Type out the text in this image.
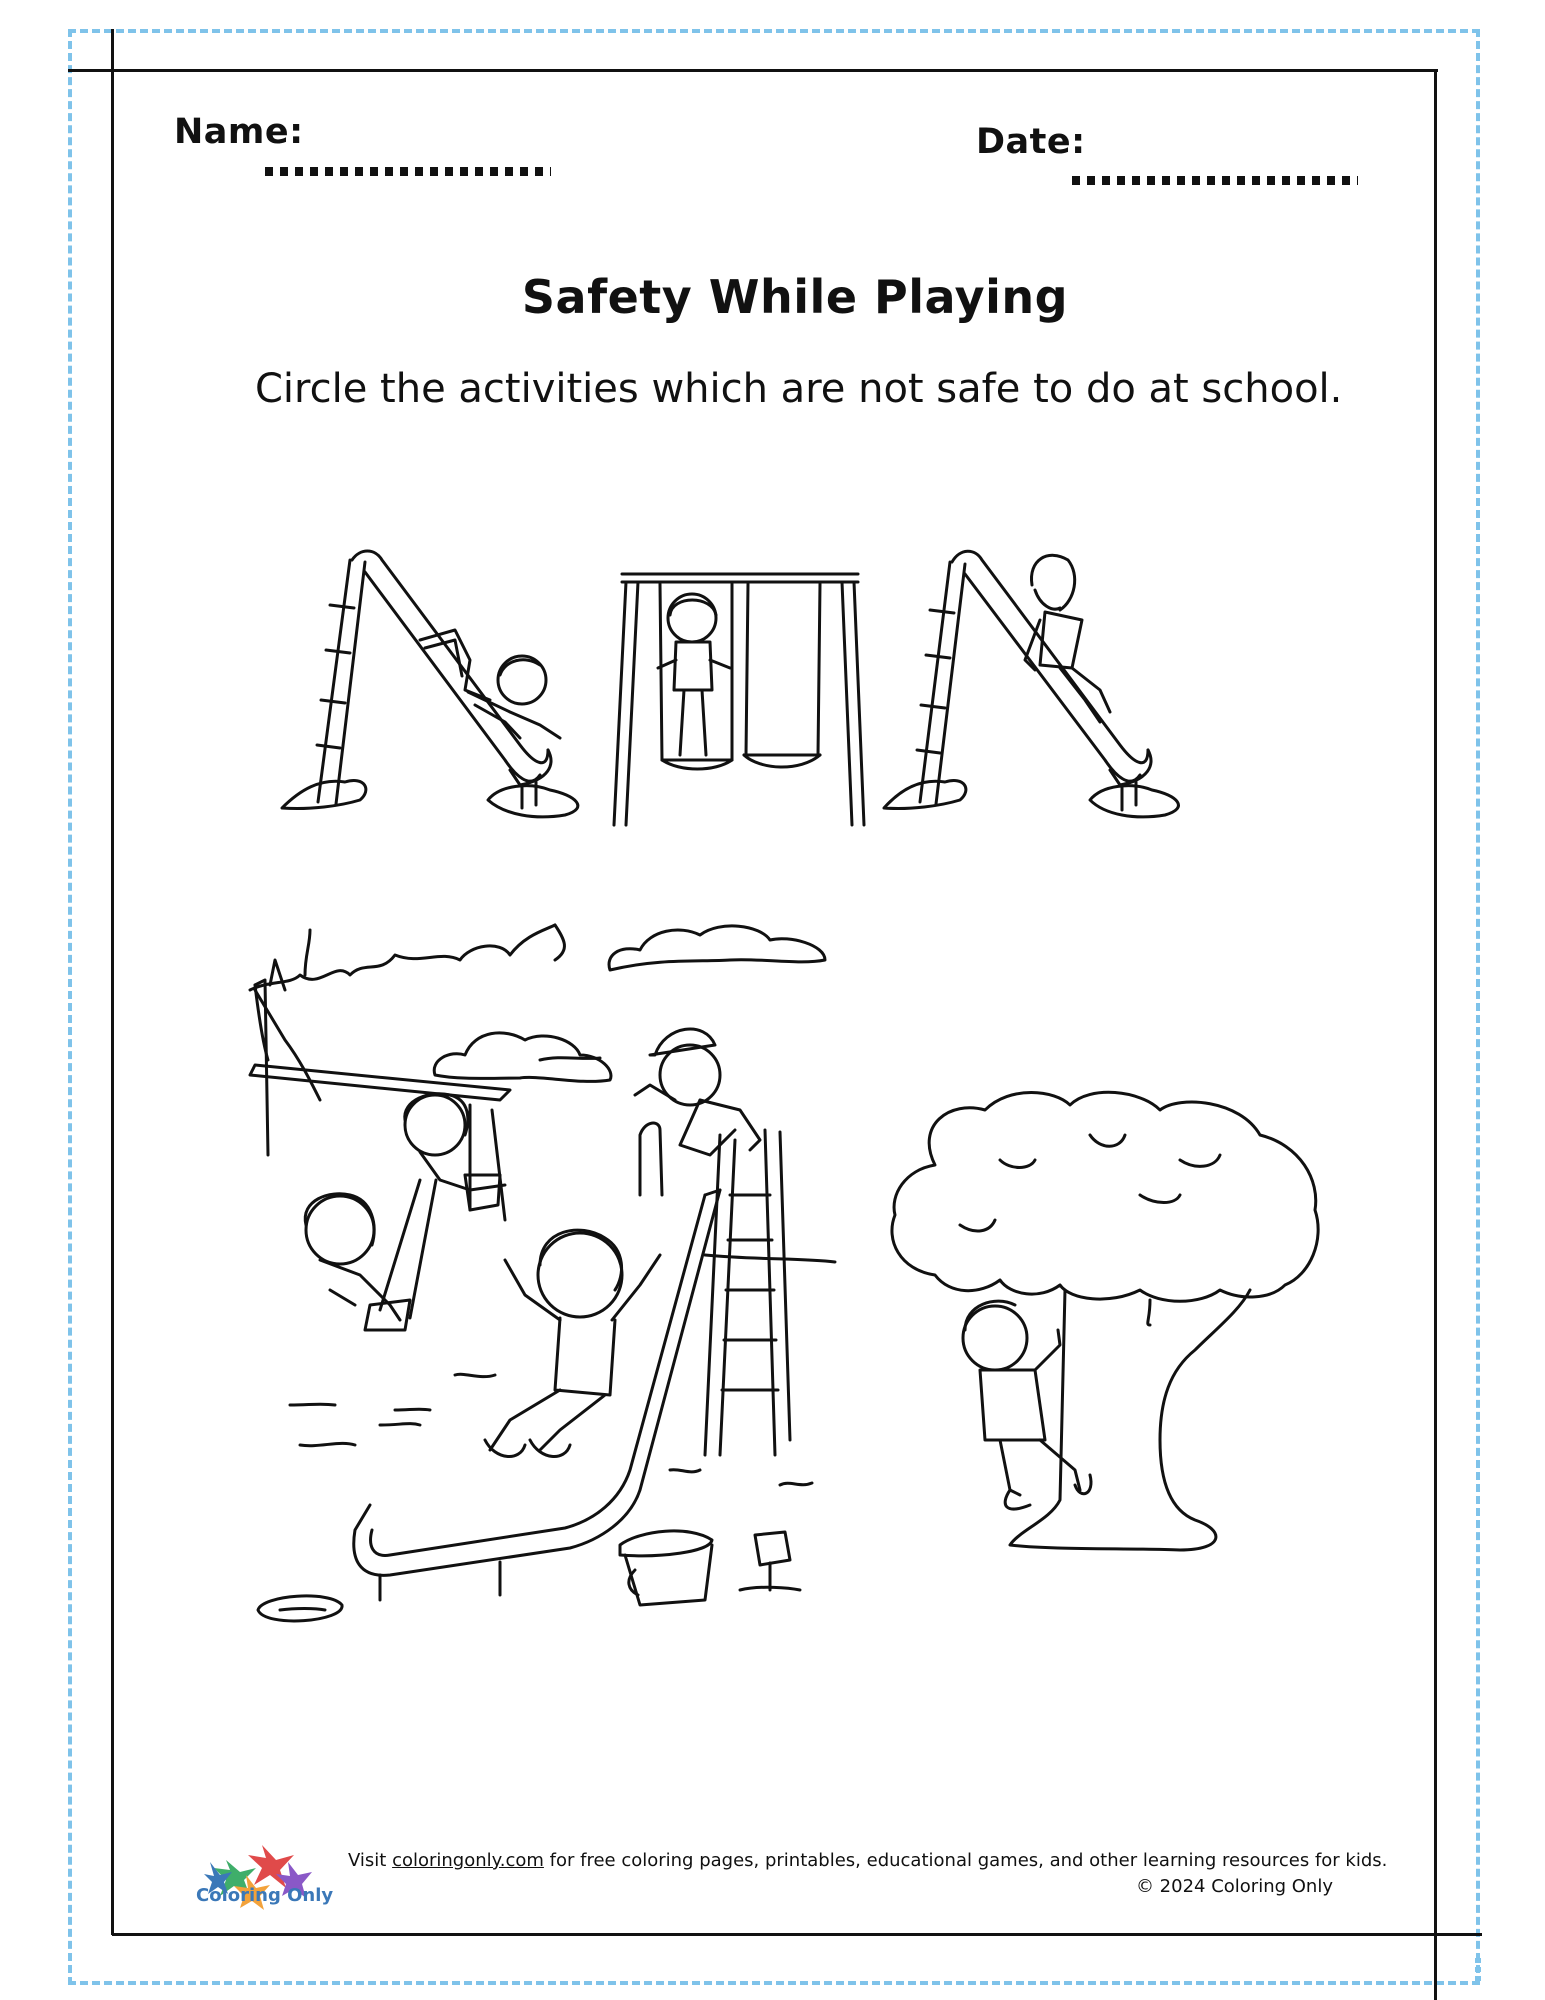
Name:	Date:
Safety While Playing
Circle the activities which are not safe to do at school.
Visit coloringonly.com for free coloring pages, printables, educational games, and other learning resources for kids.
© 2024 Coloring Only
Coloring Only
